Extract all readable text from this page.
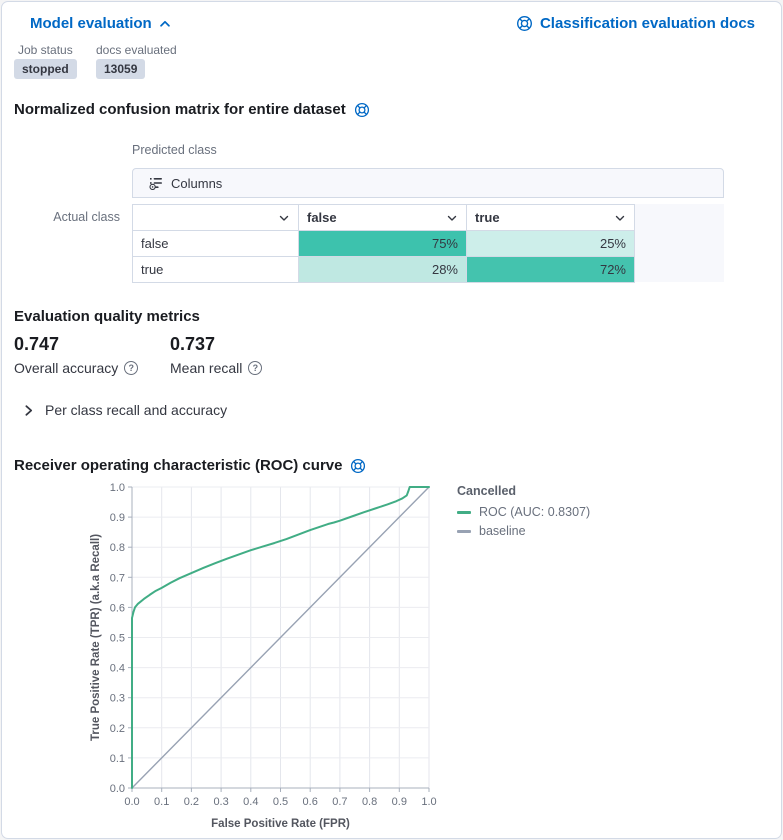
Model evaluation	Classification evaluation docs
Job status
stopped
docs evaluated
13059
Normalized confusion matrix for entire dataset
Predicted class
Columns
Actual class
		false	true

false	75%	25%
true	28%	72%
Evaluation quality metrics
0.747
Overall accuracy	?
0.737
Mean recall	?
Per class recall and accuracy
Receiver operating characteristic (ROC) curve
0.0 0.1 0.2 0.3 0.4 0.5 0.6 0.7 0.8 0.9 1.0
0.0
0.1
0.2
0.3
0.4
0.5
0.6
0.7
0.8
0.9
1.0
False Positive Rate (FPR)
True Positive Rate (TPR) (a.k.a Recall)
Cancelled
ROC (AUC: 0.8307)
baseline
